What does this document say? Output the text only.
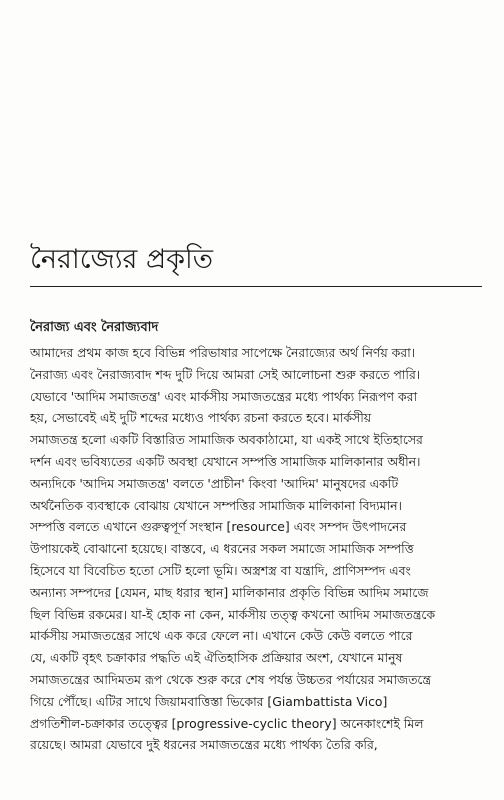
নৈরাজ্যের প্রকৃতি
নৈরাজ্য এবং নৈরাজ্যবাদ
আমাদের প্রথম কাজ হবে বিভিন্ন পরিভাষার সাপেক্ষে নৈরাজ্যের অর্থ নির্ণয় করা।
নৈরাজ্য এবং নৈরাজ্যবাদ শব্দ দুটি দিয়ে আমরা সেই আলোচনা শুরু করতে পারি।
যেভাবে 'আদিম সমাজতন্ত্র' এবং মার্কসীয় সমাজতন্ত্রের মধ্যে পার্থক্য নিরূপণ করা
হয়, সেভাবেই এই দুটি শব্দের মধ্যেও পার্থক্য রচনা করতে হবে। মার্কসীয়
সমাজতন্ত্র হলো একটি বিস্তারিত সামাজিক অবকাঠামো, যা একই সাথে ইতিহাসের
দর্শন এবং ভবিষ্যতের একটি অবস্থা যেখানে সম্পত্তি সামাজিক মালিকানার অধীন।
অন্যদিকে 'আদিম সমাজতন্ত্র' বলতে 'প্রাচীন' কিংবা 'আদিম' মানুষদের একটি
অর্থনৈতিক ব্যবস্থাকে বোঝায় যেখানে সম্পত্তির সামাজিক মালিকানা বিদ্যমান।
সম্পত্তি বলতে এখানে গুরুত্বপূর্ণ সংস্থান [resource] এবং সম্পদ উৎপাদনের
উপায়কেই বোঝানো হয়েছে। বাস্তবে, এ ধরনের সকল সমাজে সামাজিক সম্পত্তি
হিসেবে যা বিবেচিত হতো সেটি হলো ভূমি। অস্ত্রশস্ত্র বা যন্ত্রাদি, প্রাণিসম্পদ এবং
অন্যান্য সম্পদের [যেমন, মাছ ধরার স্থান] মালিকানার প্রকৃতি বিভিন্ন আদিম সমাজে
ছিল বিভিন্ন রকমের। যা-ই হোক না কেন, মার্কসীয় তত্ত্ব কখনো আদিম সমাজতন্ত্রকে
মার্কসীয় সমাজতন্ত্রের সাথে এক করে ফেলে না। এখানে কেউ কেউ বলতে পারে
যে, একটি বৃহৎ চক্রাকার পদ্ধতি এই ঐতিহাসিক প্রক্রিয়ার অংশ, যেখানে মানুষ
সমাজতন্ত্রের আদিমতম রূপ থেকে শুরু করে শেষ পর্যন্ত উচ্চতর পর্যায়ের সমাজতন্ত্রে
গিয়ে পৌঁছে। এটির সাথে জিয়ামবাত্তিস্তা ভিকোর [Giambattista Vico]
প্রগতিশীল-চক্রাকার তত্ত্বের [progressive-cyclic theory] অনেকাংশেই মিল
রয়েছে। আমরা যেভাবে দুই ধরনের সমাজতন্ত্রের মধ্যে পার্থক্য তৈরি করি,
